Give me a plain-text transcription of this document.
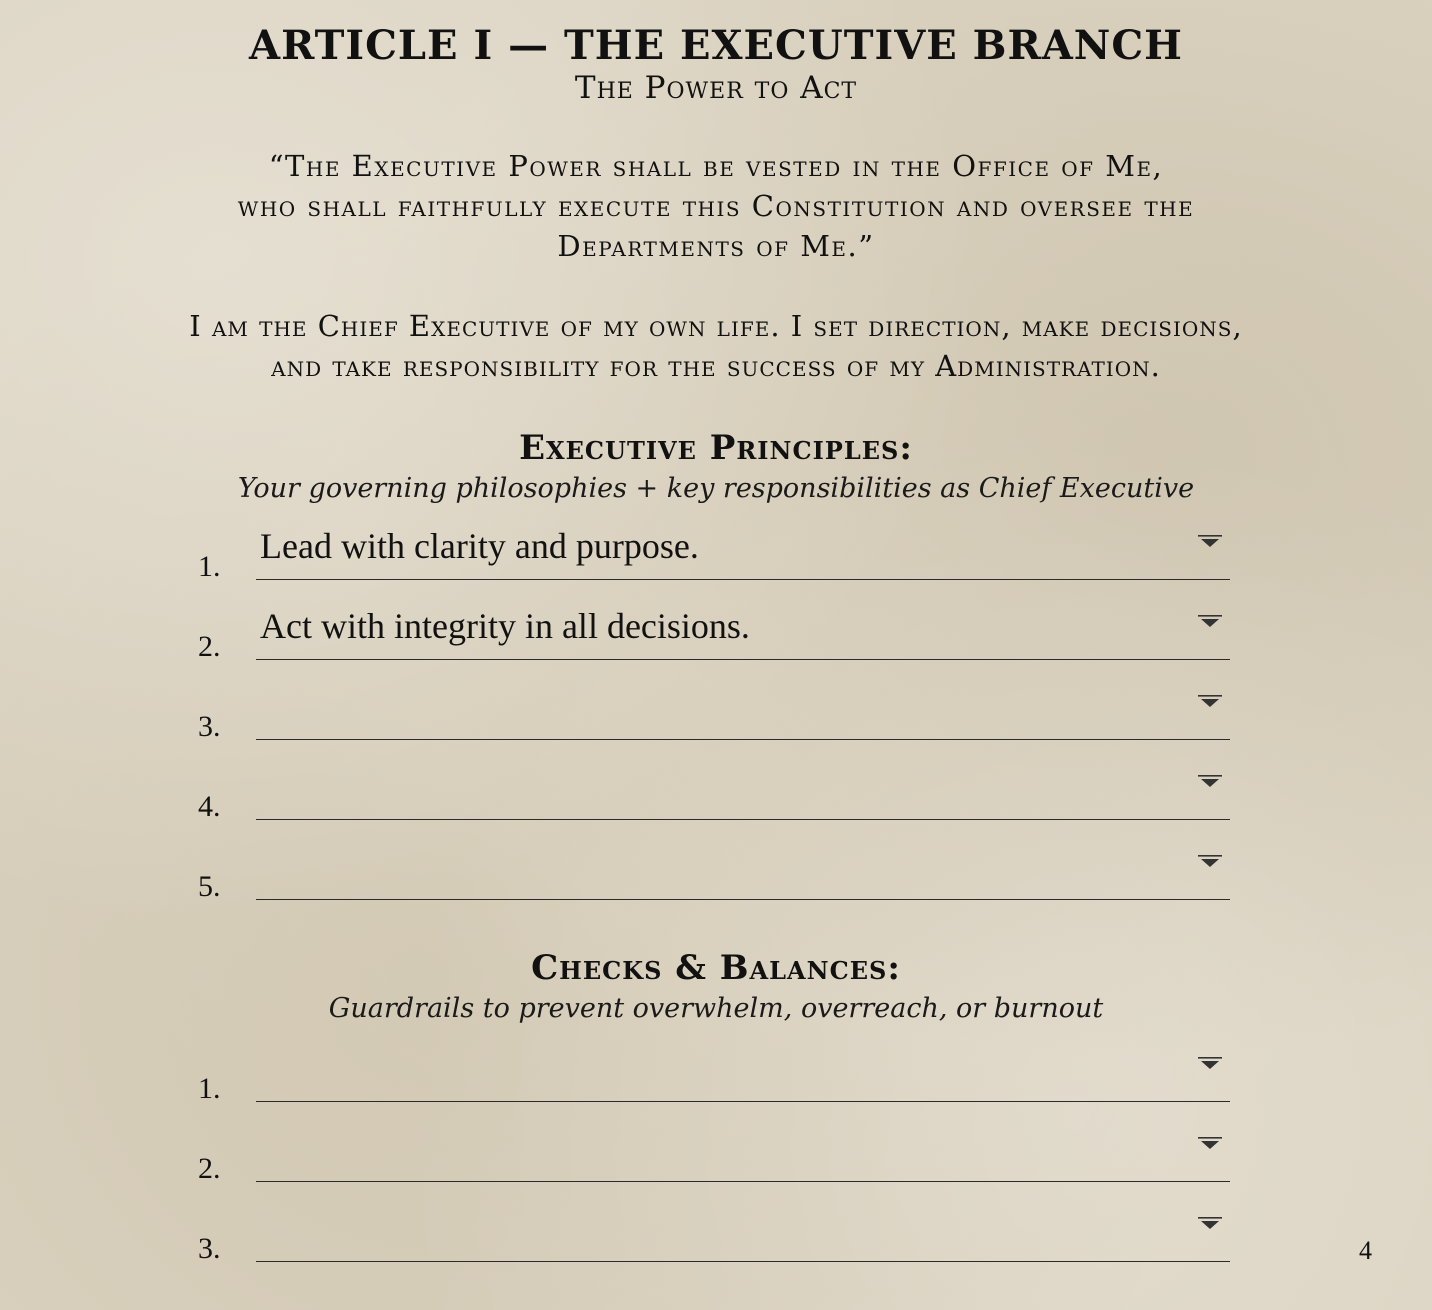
ARTICLE I — THE EXECUTIVE BRANCH
The Power to Act
“The Executive Power shall be vested in the Office of Me,
who shall faithfully execute this Constitution and oversee the
Departments of Me.”
I am the Chief Executive of my own life. I set direction, make decisions,
and take responsibility for the success of my Administration.
Executive Principles:
Your governing philosophies + key responsibilities as Chief Executive
1.
Lead with clarity and purpose.
2.
Act with integrity in all decisions.
3.
4.
5.
Checks & Balances:
Guardrails to prevent overwhelm, overreach, or burnout
1.
2.
3.	4
